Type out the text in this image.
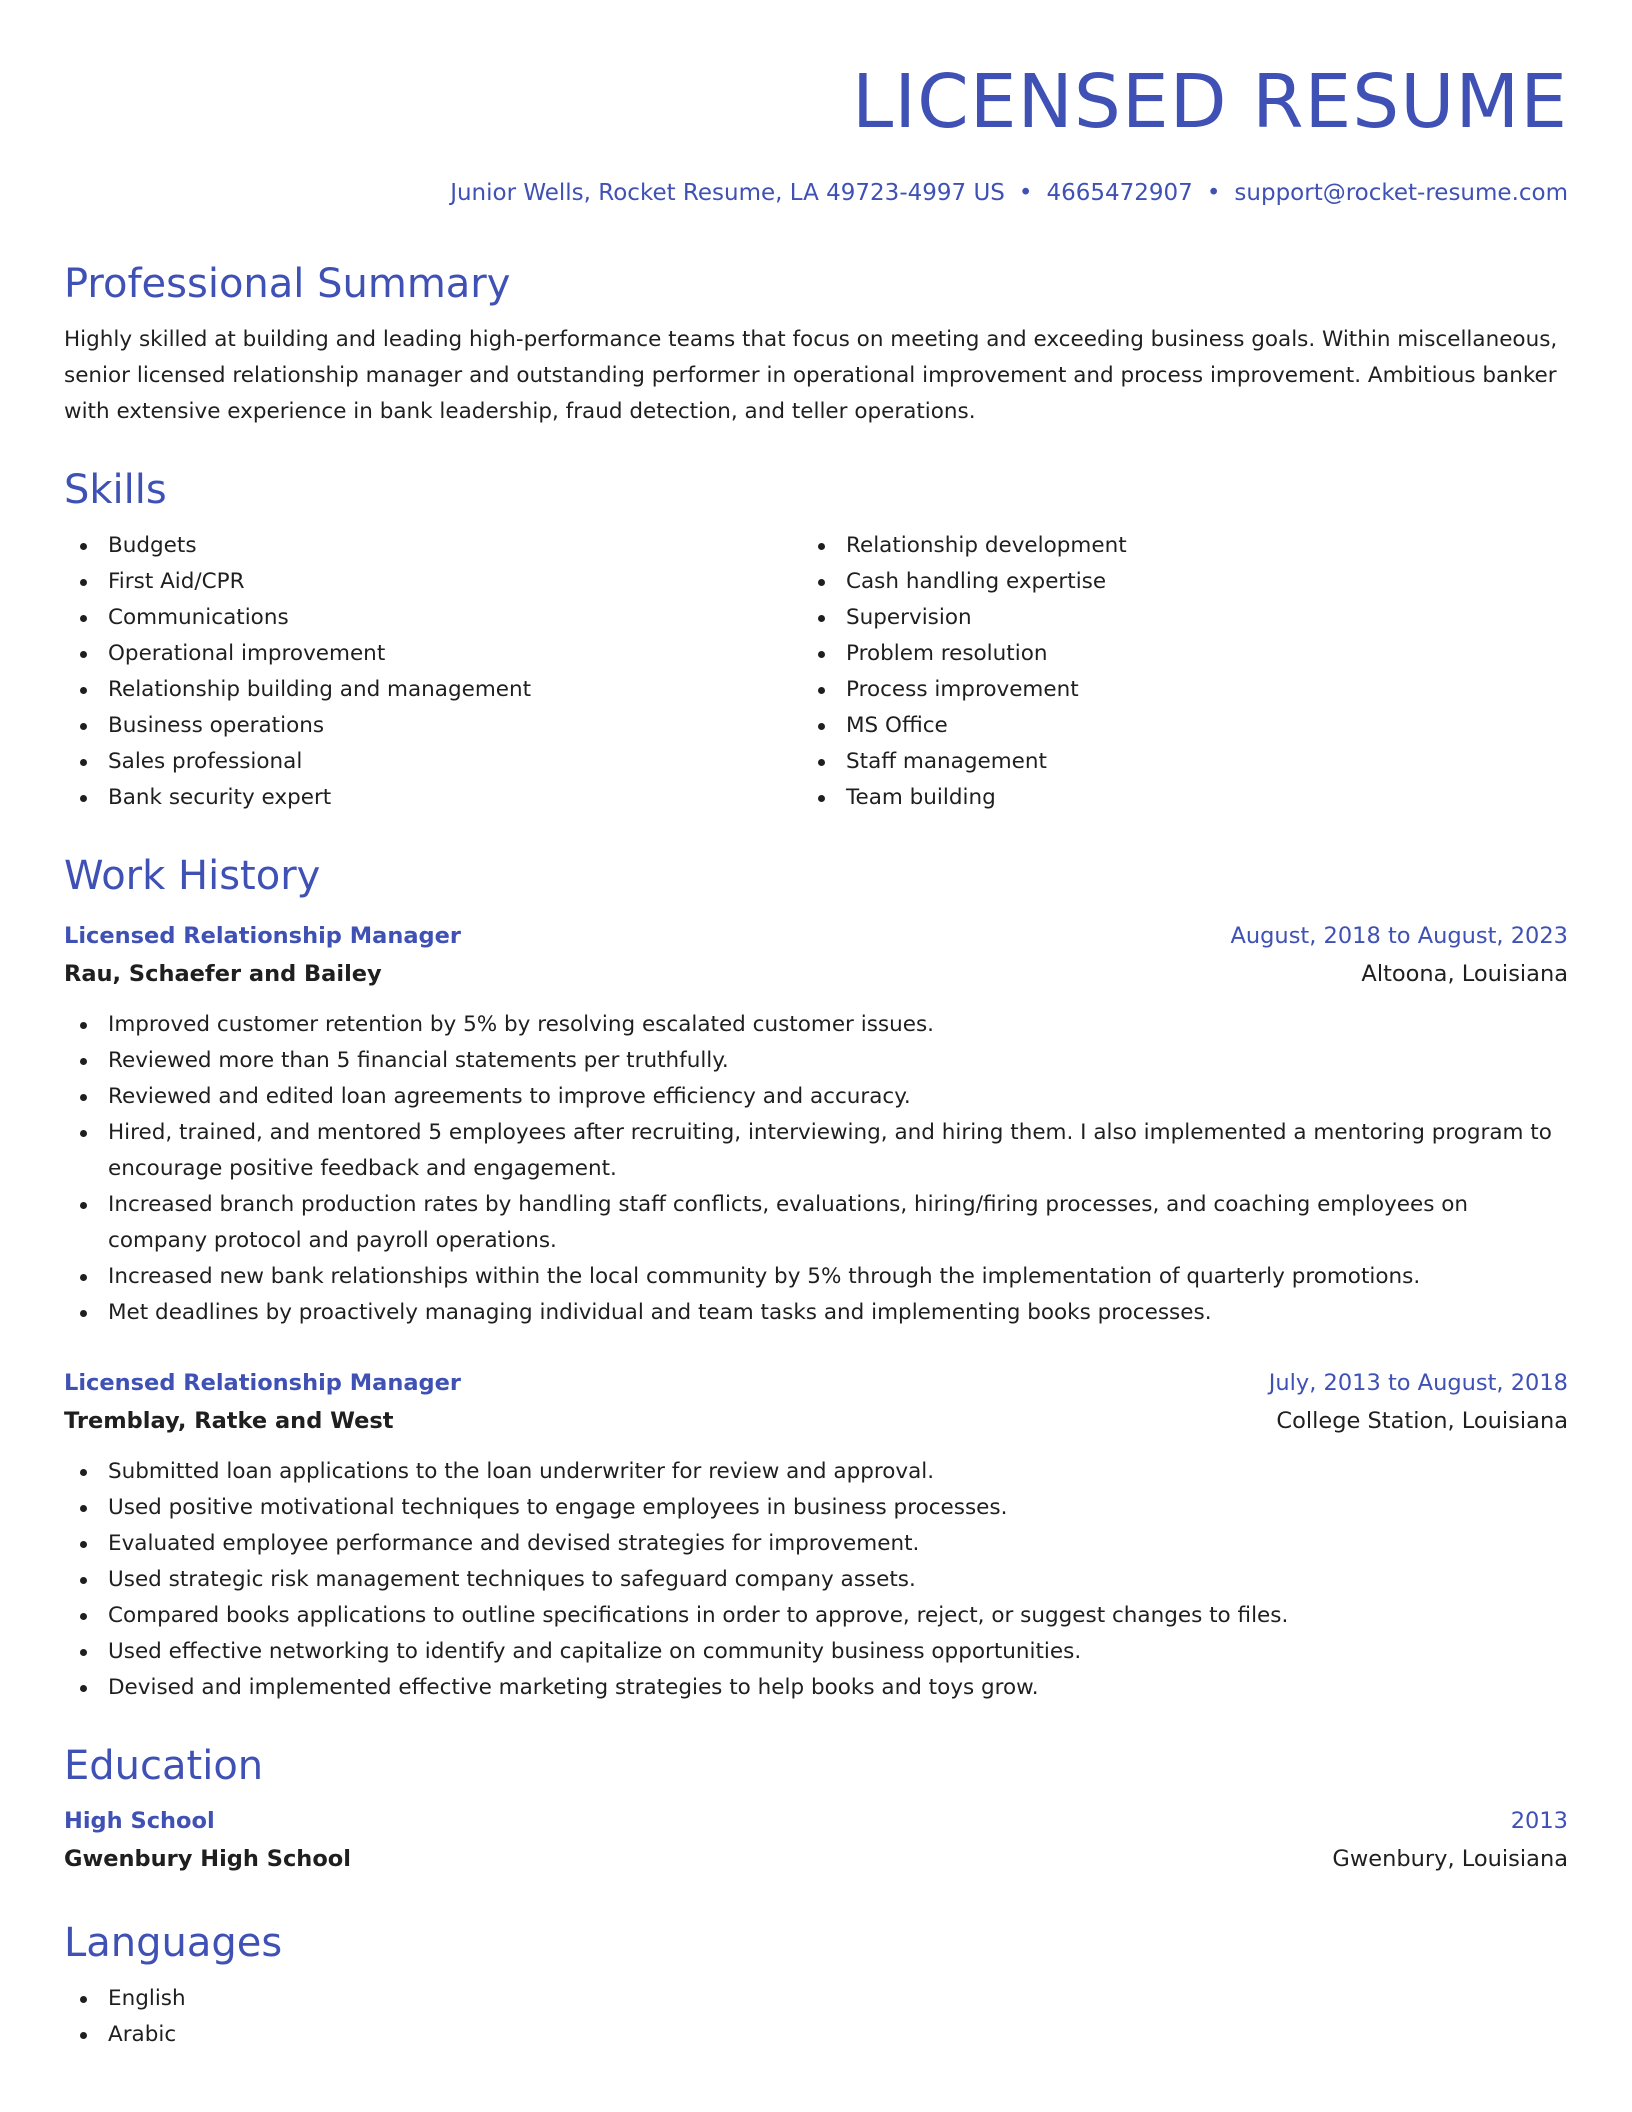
LICENSED RESUME
Junior Wells, Rocket Resume, LA 49723-4997 US • 4665472907 • support@rocket-resume.com
Professional Summary
Highly skilled at building and leading high-performance teams that focus on meeting and exceeding business goals. Within miscellaneous, senior licensed relationship manager and outstanding performer in operational improvement and process improvement. Ambitious banker with extensive experience in bank leadership, fraud detection, and teller operations.
Skills
Budgets
First Aid/CPR
Communications
Operational improvement
Relationship building and management
Business operations
Sales professional
Bank security expert
Relationship development
Cash handling expertise
Supervision
Problem resolution
Process improvement
MS Office
Staff management
Team building
Work History
Licensed Relationship Manager	August, 2018 to August, 2023
Rau, Schaefer and Bailey	Altoona, Louisiana
Improved customer retention by 5% by resolving escalated customer issues.
Reviewed more than 5 financial statements per truthfully.
Reviewed and edited loan agreements to improve efficiency and accuracy.
Hired, trained, and mentored 5 employees after recruiting, interviewing, and hiring them. I also implemented a mentoring program to encourage positive feedback and engagement.
Increased branch production rates by handling staff conflicts, evaluations, hiring/firing processes, and coaching employees on company protocol and payroll operations.
Increased new bank relationships within the local community by 5% through the implementation of quarterly promotions.
Met deadlines by proactively managing individual and team tasks and implementing books processes.
Licensed Relationship Manager	July, 2013 to August, 2018
Tremblay, Ratke and West	College Station, Louisiana
Submitted loan applications to the loan underwriter for review and approval.
Used positive motivational techniques to engage employees in business processes.
Evaluated employee performance and devised strategies for improvement.
Used strategic risk management techniques to safeguard company assets.
Compared books applications to outline specifications in order to approve, reject, or suggest changes to files.
Used effective networking to identify and capitalize on community business opportunities.
Devised and implemented effective marketing strategies to help books and toys grow.
Education
High School	2013
Gwenbury High School	Gwenbury, Louisiana
Languages
English
Arabic
